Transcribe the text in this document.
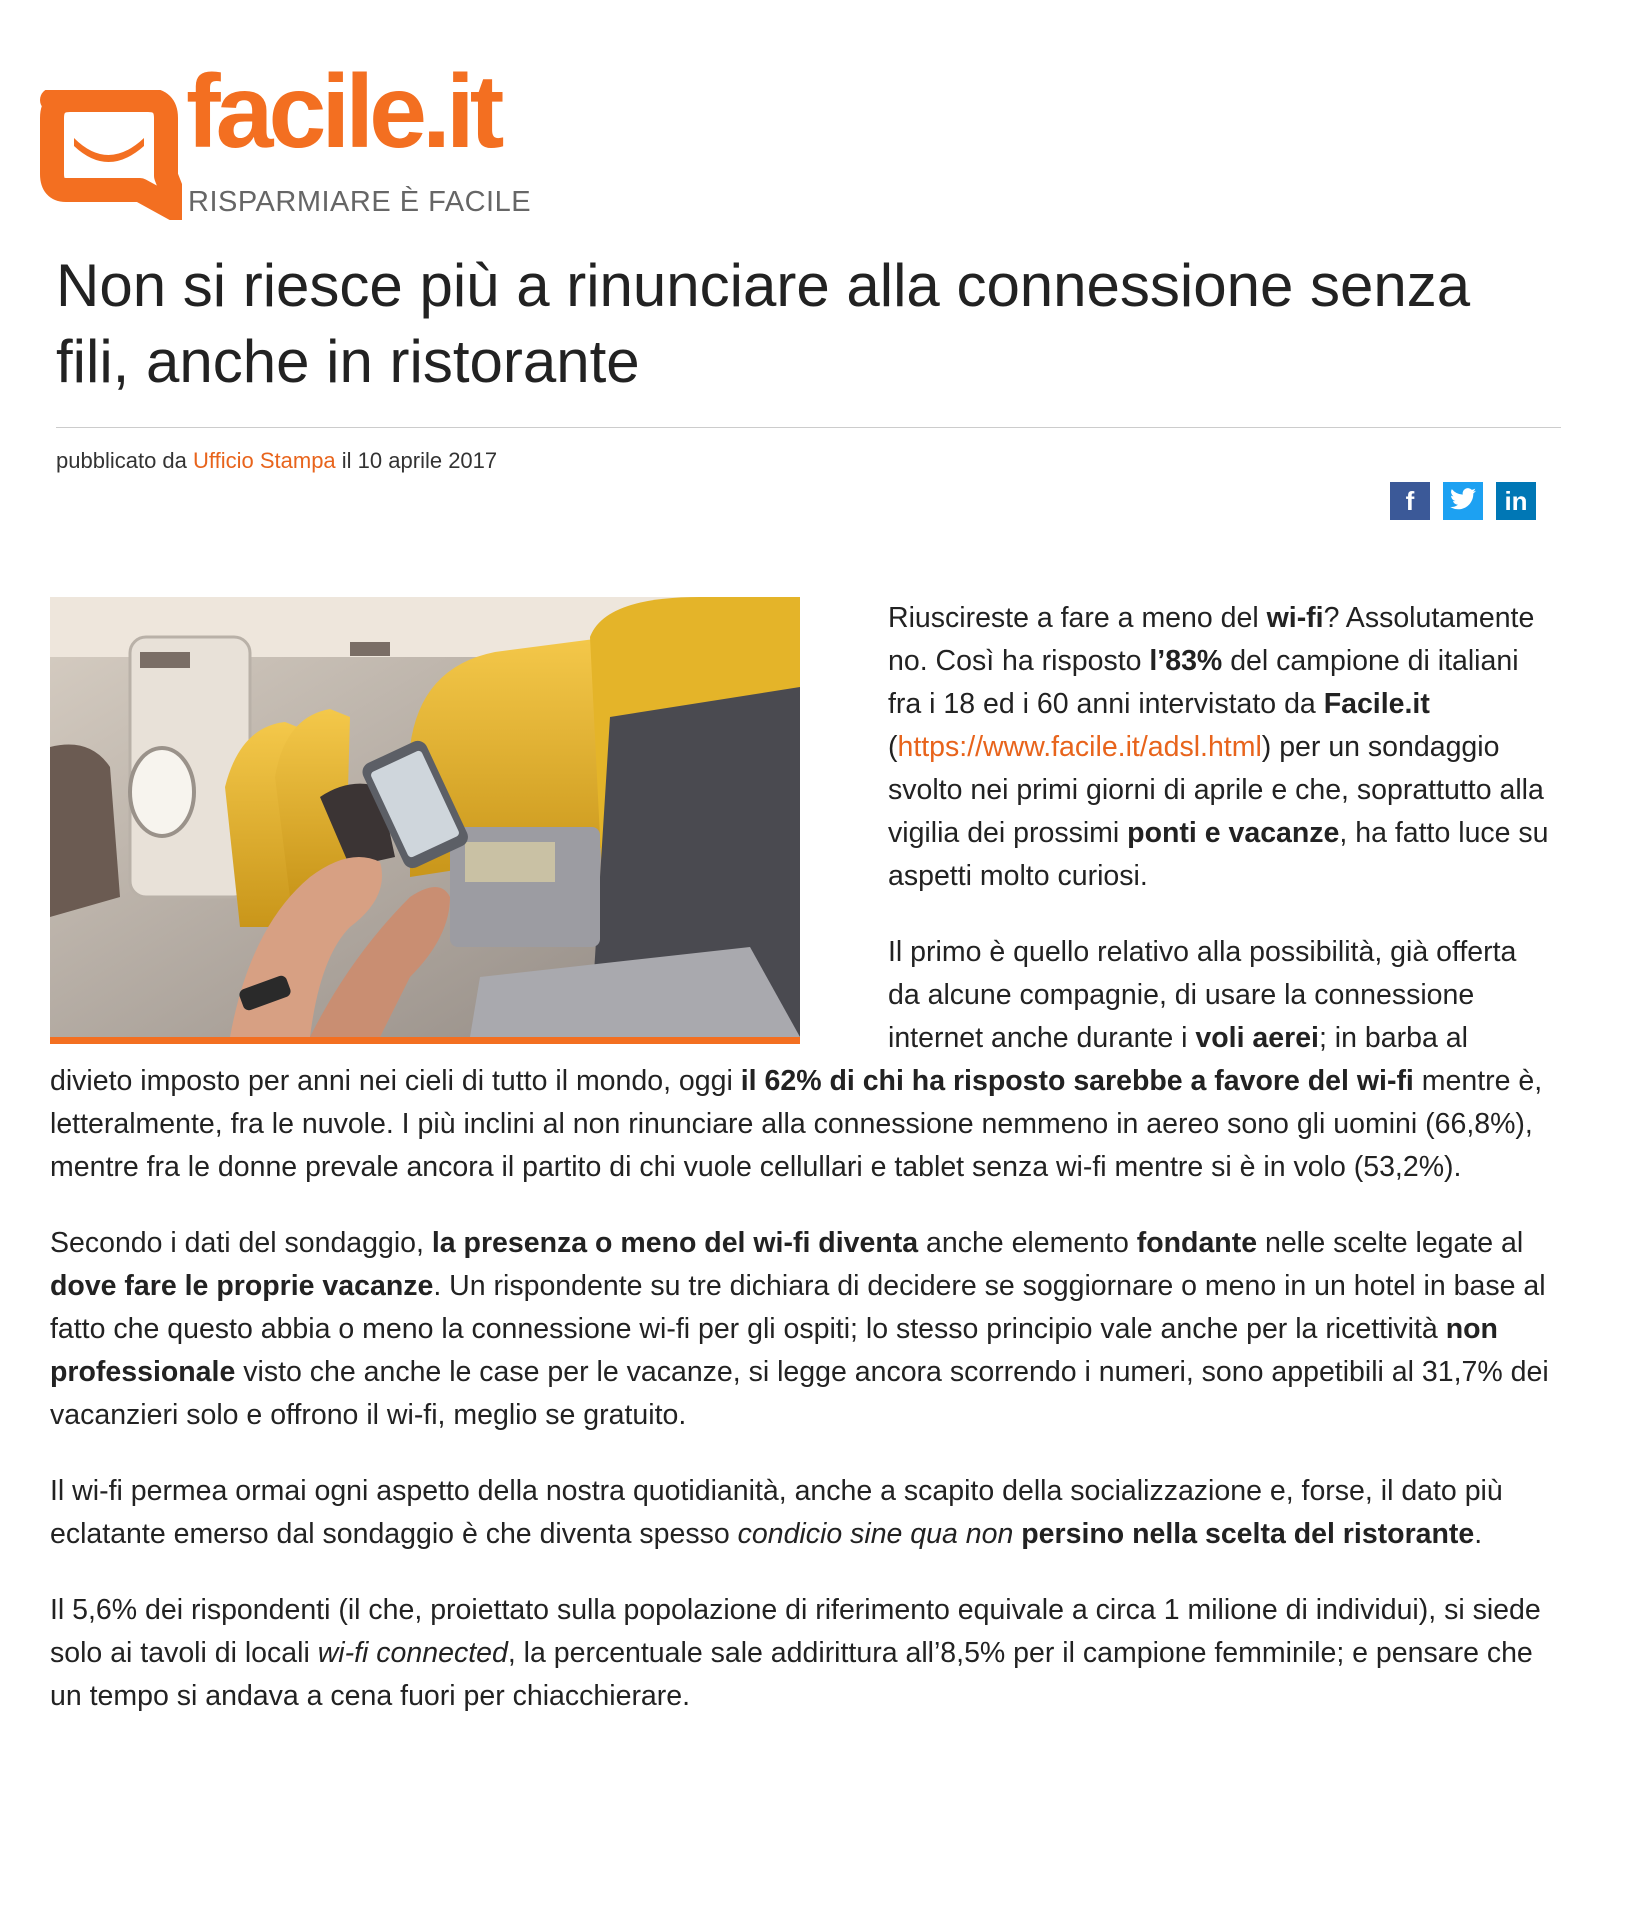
facile.it
RISPARMIARE È FACILE
Non si riesce più a rinunciare alla connessione senza fili, anche in ristorante
pubblicato da Ufficio Stampa il 10 aprile 2017
f	in

Riuscireste a fare a meno del wi-fi? Assolutamente no. Così ha risposto l’83% del campione di italiani fra i 18 ed i 60 anni intervistato da Facile.it (https://www.facile.it/adsl.html) per un sondaggio svolto nei primi giorni di aprile e che, soprattutto alla vigilia dei prossimi ponti e vacanze, ha fatto luce su aspetti molto curiosi.

Il primo è quello relativo alla possibilità, già offerta da alcune compagnie, di usare la connessione internet anche durante i voli aerei; in barba al divieto imposto per anni nei cieli di tutto il mondo, oggi il 62% di chi ha risposto sarebbe a favore del wi-fi mentre è, letteralmente, fra le nuvole. I più inclini al non rinunciare alla connessione nemmeno in aereo sono gli uomini (66,8%), mentre fra le donne prevale ancora il partito di chi vuole cellullari e tablet senza wi-fi mentre si è in volo (53,2%).

Secondo i dati del sondaggio, la presenza o meno del wi-fi diventa anche elemento fondante nelle scelte legate al dove fare le proprie vacanze. Un rispondente su tre dichiara di decidere se soggiornare o meno in un hotel in base al fatto che questo abbia o meno la connessione wi-fi per gli ospiti; lo stesso principio vale anche per la ricettività non professionale visto che anche le case per le vacanze, si legge ancora scorrendo i numeri, sono appetibili al 31,7% dei vacanzieri solo e offrono il wi-fi, meglio se gratuito.

Il wi-fi permea ormai ogni aspetto della nostra quotidianità, anche a scapito della socializzazione e, forse, il dato più eclatante emerso dal sondaggio è che diventa spesso condicio sine qua non persino nella scelta del ristorante.

Il 5,6% dei rispondenti (il che, proiettato sulla popolazione di riferimento equivale a circa 1 milione di individui), si siede solo ai tavoli di locali wi-fi connected, la percentuale sale addirittura all’8,5% per il campione femminile; e pensare che un tempo si andava a cena fuori per chiacchierare.
